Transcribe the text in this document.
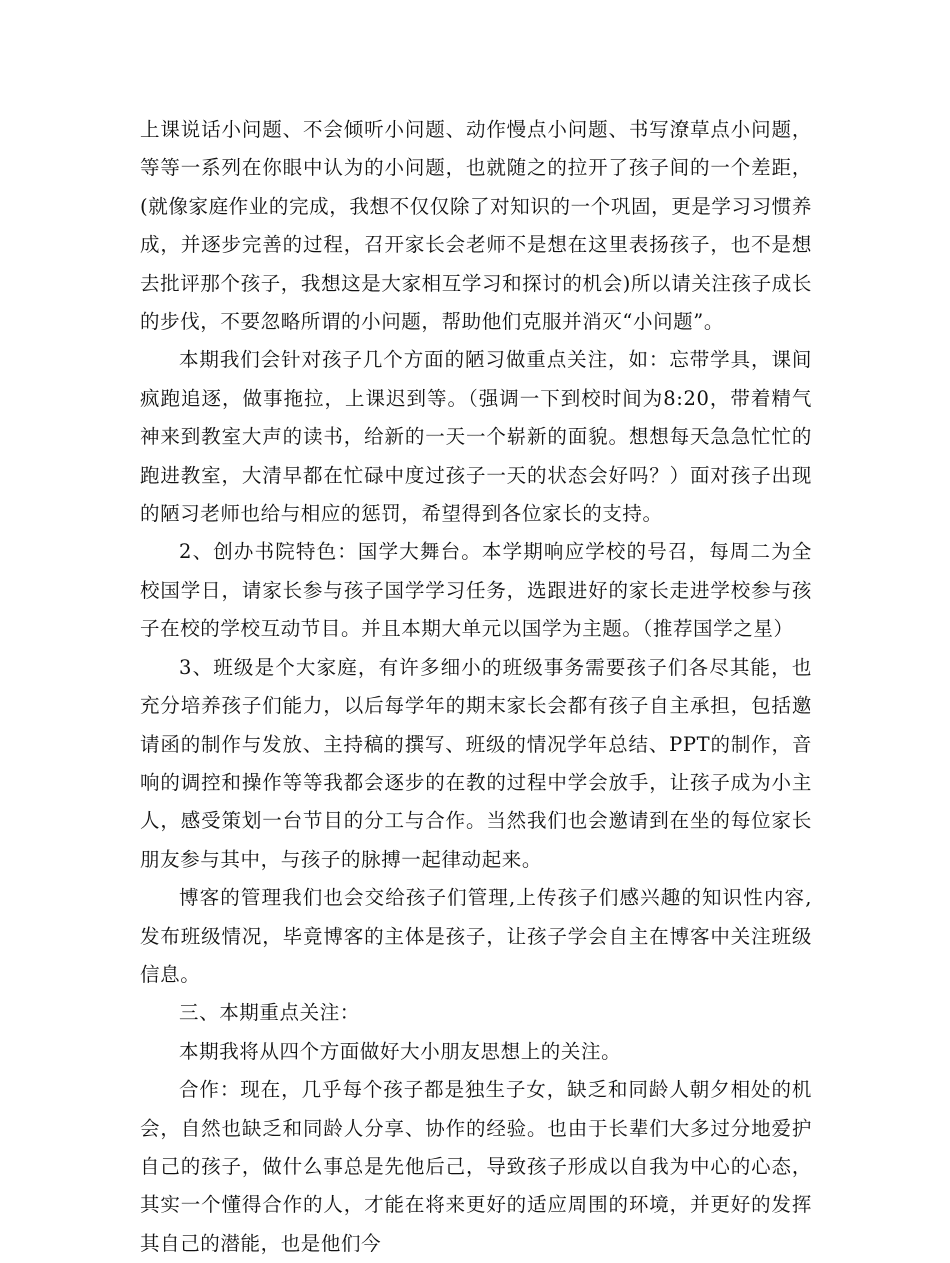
上课说话小问题、不会倾听小问题、动作慢点小问题、书写潦草点小问题，等等一系列在你眼中认为的小问题，也就随之的拉开了孩子间的一个差距，(就像家庭作业的完成，我想不仅仅除了对知识的一个巩固，更是学习习惯养成，并逐步完善的过程，召开家长会老师不是想在这里表扬孩子，也不是想去批评那个孩子，我想这是大家相互学习和探讨的机会)所以请关注孩子成长的步伐，不要忽略所谓的小问题，帮助他们克服并消灭“小问题”。

本期我们会针对孩子几个方面的陋习做重点关注，如：忘带学具，课间疯跑追逐，做事拖拉，上课迟到等。（强调一下到校时间为8:20，带着精气神来到教室大声的读书，给新的一天一个崭新的面貌。想想每天急急忙忙的跑进教室，大清早都在忙碌中度过孩子一天的状态会好吗？）面对孩子出现的陋习老师也给与相应的惩罚，希望得到各位家长的支持。

2、创办书院特色：国学大舞台。本学期响应学校的号召，每周二为全校国学日，请家长参与孩子国学学习任务，选跟进好的家长走进学校参与孩子在校的学校互动节目。并且本期大单元以国学为主题。（推荐国学之星）

3、班级是个大家庭，有许多细小的班级事务需要孩子们各尽其能，也充分培养孩子们能力，以后每学年的期末家长会都有孩子自主承担，包括邀请函的制作与发放、主持稿的撰写、班级的情况学年总结、PPT的制作，音响的调控和操作等等我都会逐步的在教的过程中学会放手，让孩子成为小主人，感受策划一台节目的分工与合作。当然我们也会邀请到在坐的每位家长朋友参与其中，与孩子的脉搏一起律动起来。

博客的管理我们也会交给孩子们管理,上传孩子们感兴趣的知识性内容,发布班级情况，毕竟博客的主体是孩子，让孩子学会自主在博客中关注班级信息。

三、本期重点关注：

本期我将从四个方面做好大小朋友思想上的关注。

合作：现在，几乎每个孩子都是独生子女，缺乏和同龄人朝夕相处的机会，自然也缺乏和同龄人分享、协作的经验。也由于长辈们大多过分地爱护自己的孩子，做什么事总是先他后己，导致孩子形成以自我为中心的心态，其实一个懂得合作的人，才能在将来更好的适应周围的环境，并更好的发挥其自己的潜能，也是他们今
